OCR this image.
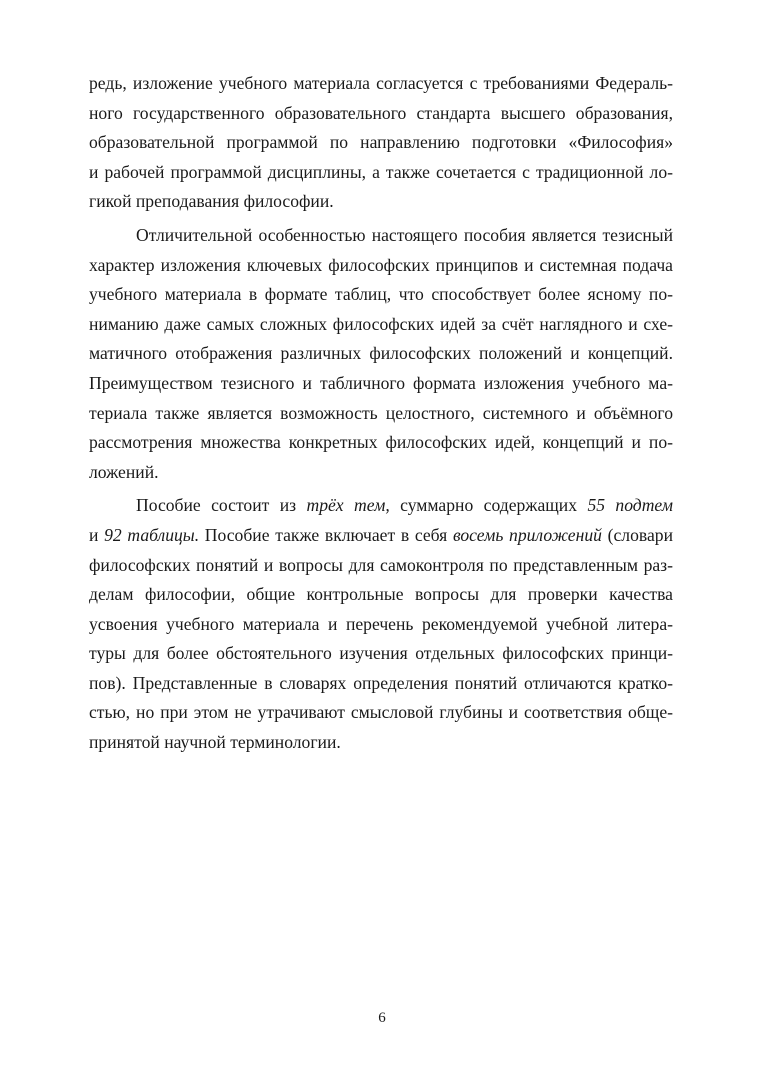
редь, изложение учебного материала согласуется с требованиями Федераль-
ного государственного образовательного стандарта высшего образования,
образовательной программой по направлению подготовки «Философия»
и рабочей программой дисциплины, а также сочетается с традиционной ло-
гикой преподавания философии.
Отличительной особенностью настоящего пособия является тезисный
характер изложения ключевых философских принципов и системная подача
учебного материала в формате таблиц, что способствует более ясному по-
ниманию даже самых сложных философских идей за счёт наглядного и схе-
матичного отображения различных философских положений и концепций.
Преимуществом тезисного и табличного формата изложения учебного ма-
териала также является возможность целостного, системного и объёмного
рассмотрения множества конкретных философских идей, концепций и по-
ложений.
Пособие состоит из трёх тем, суммарно содержащих 55 подтем
и 92 таблицы. Пособие также включает в себя восемь приложений (словари
философских понятий и вопросы для самоконтроля по представленным раз-
делам философии, общие контрольные вопросы для проверки качества
усвоения учебного материала и перечень рекомендуемой учебной литера-
туры для более обстоятельного изучения отдельных философских принци-
пов). Представленные в словарях определения понятий отличаются кратко-
стью, но при этом не утрачивают смысловой глубины и соответствия обще-
принятой научной терминологии.
6
